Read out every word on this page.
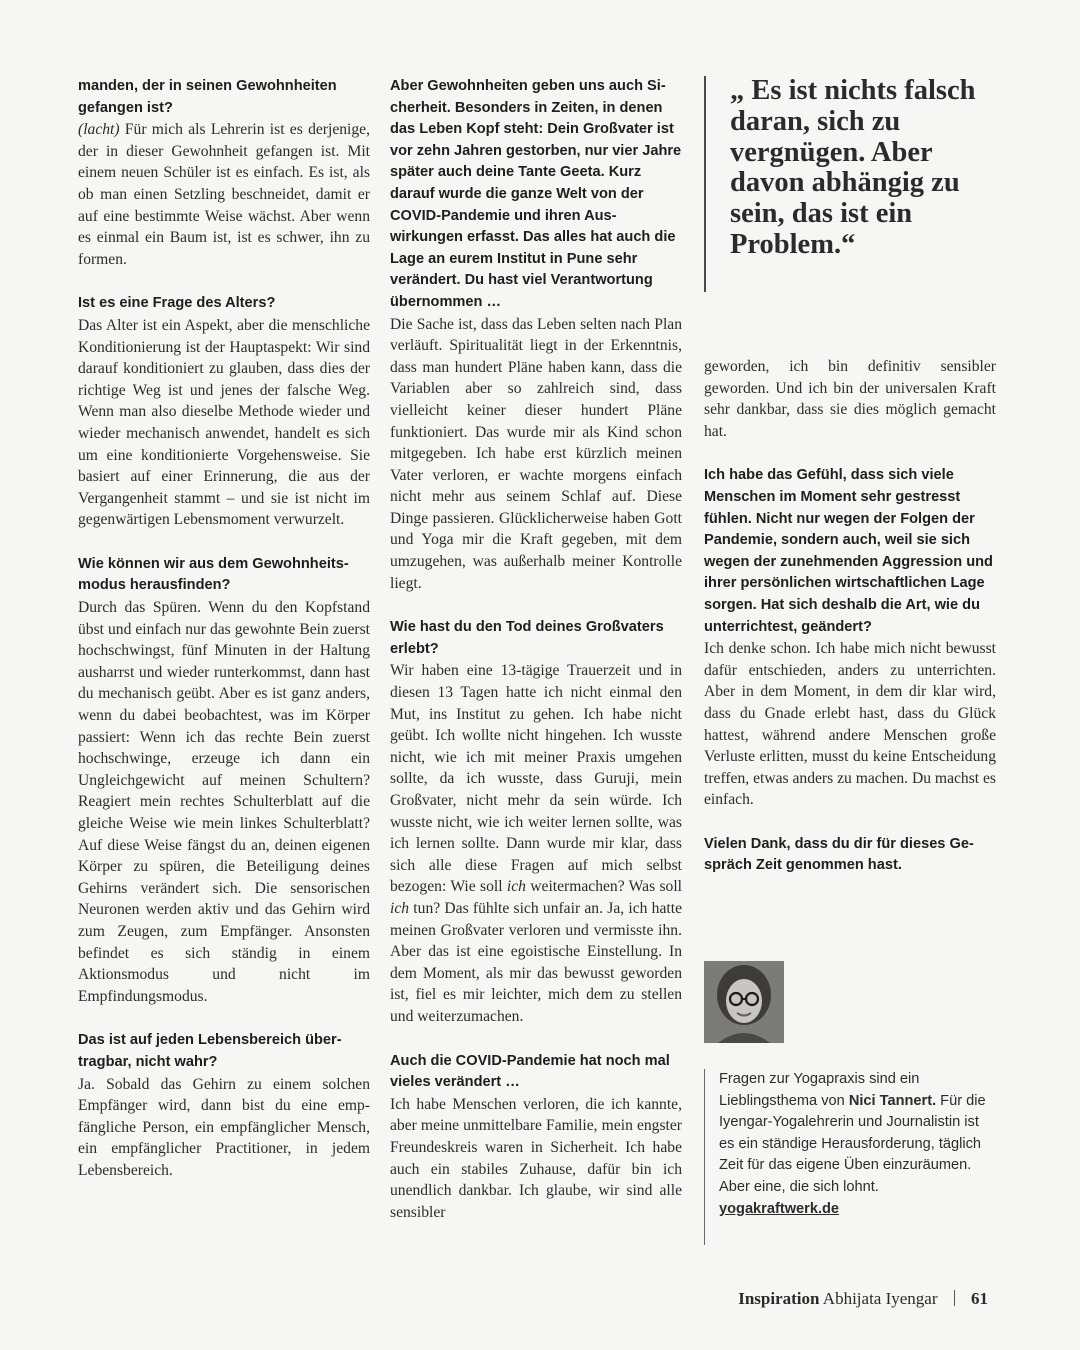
manden, der in seinen Gewohnheiten gefangen ist?

(lacht) Für mich als Lehrerin ist es derjenige, der in dieser Gewohnheit gefangen ist. Mit einem neuen Schüler ist es einfach. Es ist, als ob man einen Setzling beschneidet, damit er auf eine bestimmte Weise wächst. Aber wenn es einmal ein Baum ist, ist es schwer, ihn zu formen.

Ist es eine Frage des Alters?

Das Alter ist ein Aspekt, aber die menschliche Konditionierung ist der Hauptaspekt: Wir sind darauf konditioniert zu glauben, dass dies der richtige Weg ist und jenes der falsche Weg. Wenn man also dieselbe Methode wieder und wieder mechanisch anwendet, handelt es sich um eine konditionierte Vorgehensweise. Sie basiert auf einer Erinnerung, die aus der Vergangenheit stammt – und sie ist nicht im gegenwärtigen Lebensmoment verwurzelt.

Wie können wir aus dem Gewohnheitsmodus herausfinden?

Durch das Spüren. Wenn du den Kopfstand übst und einfach nur das gewohnte Bein zuerst hochschwingst, fünf Minuten in der Haltung ausharrst und wieder runterkommst, dann hast du mechanisch geübt. Aber es ist ganz anders, wenn du dabei beobachtest, was im Körper passiert: Wenn ich das rechte Bein zuerst hochschwinge, erzeuge ich dann ein Ungleichgewicht auf meinen Schultern? Reagiert mein rechtes Schulterblatt auf die gleiche Weise wie mein linkes Schulterblatt? Auf diese Weise fängst du an, deinen eigenen Körper zu spüren, die Beteiligung deines Gehirns verändert sich. Die sensorischen Neuronen werden aktiv und das Gehirn wird zum Zeugen, zum Empfänger. Ansonsten befindet es sich ständig in einem Aktionsmodus und nicht im Empfindungsmodus.

Das ist auf jeden Lebensbereich übertragbar, nicht wahr?

Ja. Sobald das Gehirn zu einem solchen Empfänger wird, dann bist du eine empfängliche Person, ein empfänglicher Mensch, ein empfänglicher Practitioner, in jedem Lebensbereich.

Aber Gewohnheiten geben uns auch Sicherheit. Besonders in Zeiten, in denen das Leben Kopf steht: Dein Großvater ist vor zehn Jahren gestorben, nur vier Jahre später auch deine Tante Geeta. Kurz darauf wurde die ganze Welt von der COVID-Pandemie und ihren Auswirkungen erfasst. Das alles hat auch die Lage an eurem Institut in Pune sehr verändert. Du hast viel Verantwortung übernommen …

Die Sache ist, dass das Leben selten nach Plan verläuft. Spiritualität liegt in der Erkenntnis, dass man hundert Pläne haben kann, dass die Variablen aber so zahlreich sind, dass vielleicht keiner dieser hundert Pläne funktioniert. Das wurde mir als Kind schon mitgegeben. Ich habe erst kürzlich meinen Vater verloren, er wachte morgens einfach nicht mehr aus seinem Schlaf auf. Diese Dinge passieren. Glücklicherweise haben Gott und Yoga mir die Kraft gegeben, mit dem umzugehen, was außerhalb meiner Kontrolle liegt.

Wie hast du den Tod deines Großvaters erlebt?

Wir haben eine 13-tägige Trauerzeit und in diesen 13 Tagen hatte ich nicht einmal den Mut, ins Institut zu gehen. Ich habe nicht geübt. Ich wollte nicht hingehen. Ich wusste nicht, wie ich mit meiner Praxis umgehen sollte, da ich wusste, dass Guruji, mein Großvater, nicht mehr da sein würde. Ich wusste nicht, wie ich weiter lernen sollte, was ich lernen sollte. Dann wurde mir klar, dass sich alle diese Fragen auf mich selbst bezogen: Wie soll ich weitermachen? Was soll ich tun? Das fühlte sich unfair an. Ja, ich hatte meinen Großvater verloren und vermisste ihn. Aber das ist eine egoistische Einstellung. In dem Moment, als mir das bewusst geworden ist, fiel es mir leichter, mich dem zu stellen und weiterzumachen.

Auch die COVID-Pandemie hat noch mal vieles verändert …

Ich habe Menschen verloren, die ich kannte, aber meine unmittelbare Familie, mein engster Freundeskreis waren in Sicherheit. Ich habe auch ein stabiles Zuhause, dafür bin ich unendlich dankbar. Ich glaube, wir sind alle sensibler

„ Es ist nichts falsch daran, sich zu vergnügen. Aber davon abhängig zu sein, das ist ein Problem.“

geworden, ich bin definitiv sensibler geworden. Und ich bin der universalen Kraft sehr dankbar, dass sie dies möglich gemacht hat.

Ich habe das Gefühl, dass sich viele Menschen im Moment sehr gestresst fühlen. Nicht nur wegen der Folgen der Pandemie, sondern auch, weil sie sich wegen der zunehmenden Aggression und ihrer persönlichen wirtschaftlichen Lage sorgen. Hat sich deshalb die Art, wie du unterrichtest, geändert?

Ich denke schon. Ich habe mich nicht bewusst dafür entschieden, anders zu unterrichten. Aber in dem Moment, in dem dir klar wird, dass du Gnade erlebt hast, dass du Glück hattest, während andere Menschen große Verluste erlitten, musst du keine Entscheidung treffen, etwas anders zu machen. Du machst es einfach.

Vielen Dank, dass du dir für dieses Gespräch Zeit genommen hast.

Fragen zur Yogapraxis sind ein Lieblingsthema von Nici Tannert. Für die Iyengar-Yogalehrerin und Journalistin ist es ein ständige Herausforderung, täglich Zeit für das eigene Üben einzuräumen. Aber eine, die sich lohnt.

yogakraftwerk.de

Inspiration Abhijata Iyengar 61
